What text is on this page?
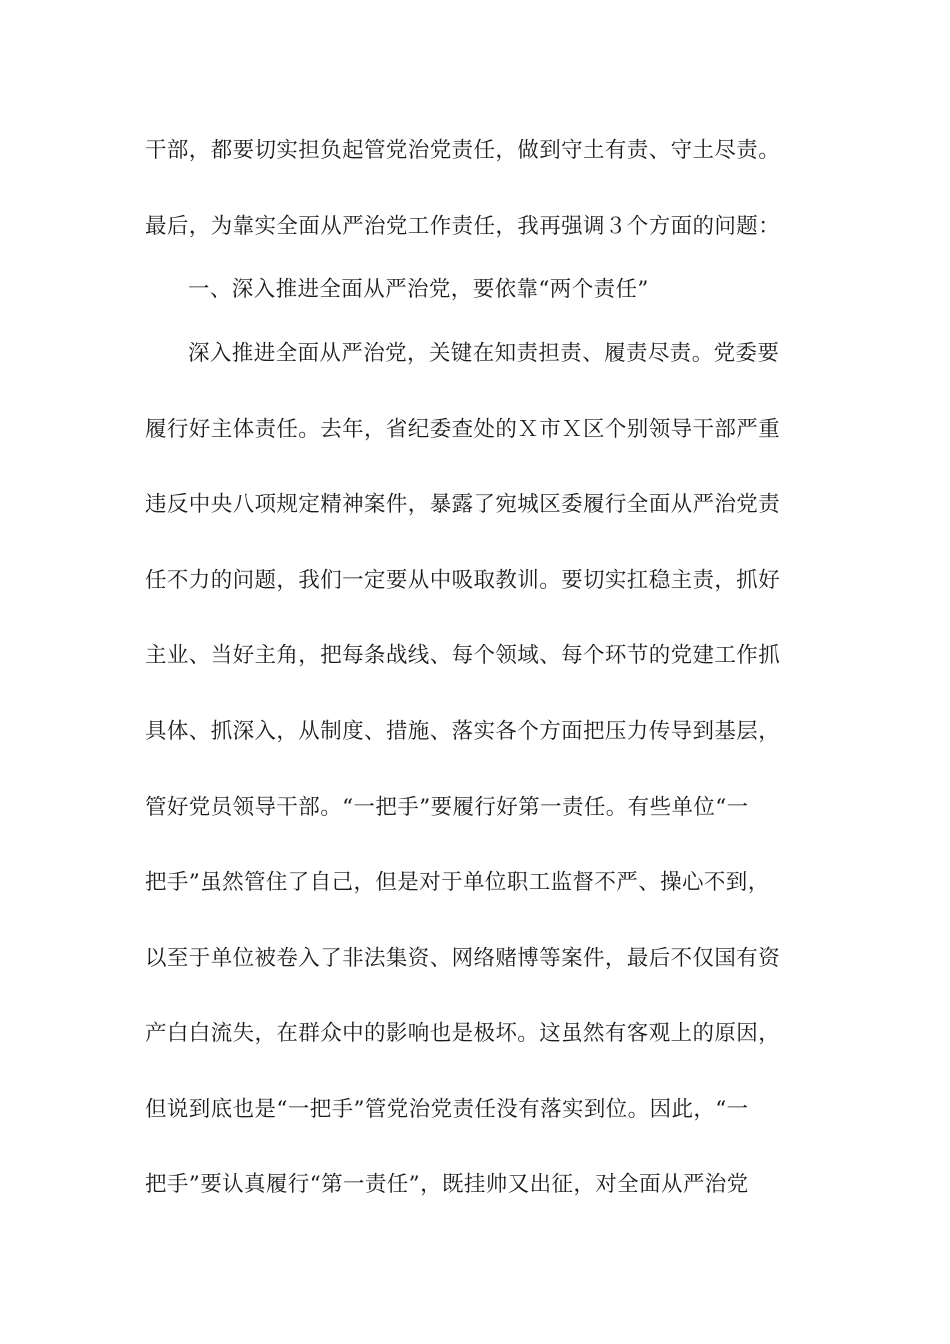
干部，都要切实担负起管党治党责任，做到守土有责、守土尽责。
最后，为靠实全面从严治党工作责任，我再强调３个方面的问题：
一、深入推进全面从严治党，要依靠“两个责任”
深入推进全面从严治党，关键在知责担责、履责尽责。党委要
履行好主体责任。去年，省纪委查处的Ｘ市Ｘ区个别领导干部严重
违反中央八项规定精神案件，暴露了宛城区委履行全面从严治党责
任不力的问题，我们一定要从中吸取教训。要切实扛稳主责，抓好
主业、当好主角，把每条战线、每个领域、每个环节的党建工作抓
具体、抓深入，从制度、措施、落实各个方面把压力传导到基层，
管好党员领导干部。“一把手”要履行好第一责任。有些单位“一
把手”虽然管住了自己，但是对于单位职工监督不严、操心不到，
以至于单位被卷入了非法集资、网络赌博等案件，最后不仅国有资
产白白流失，在群众中的影响也是极坏。这虽然有客观上的原因，
但说到底也是“一把手”管党治党责任没有落实到位。因此，“一
把手”要认真履行“第一责任”，既挂帅又出征，对全面从严治党
